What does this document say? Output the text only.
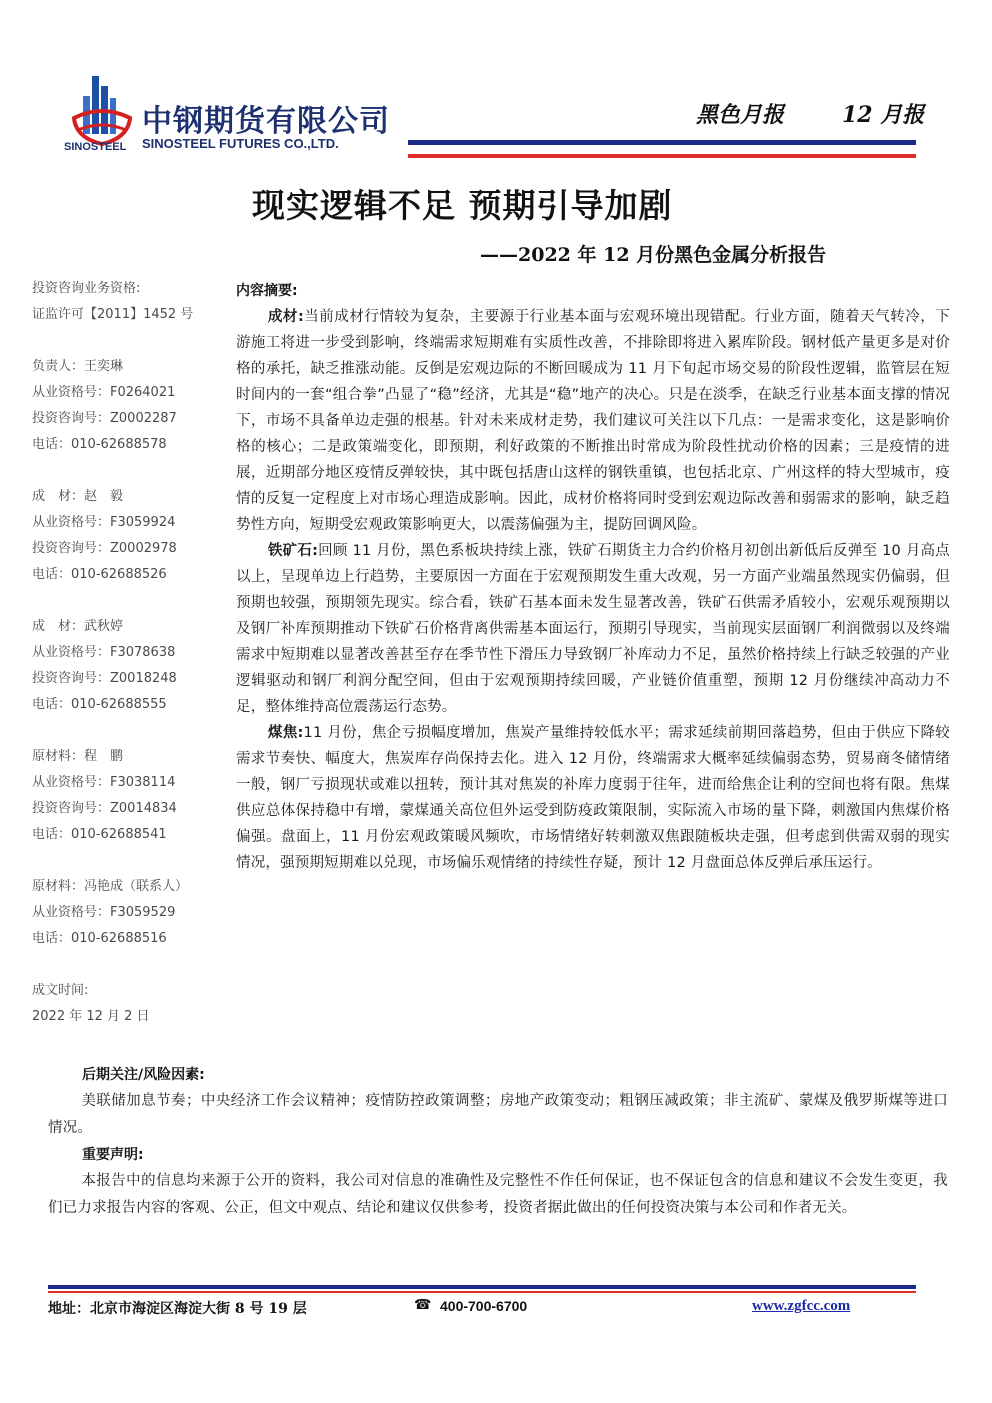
SINOSTEEL
中钢期货有限公司
SINOSTEEL FUTURES CO.,LTD.
黑色月报	12 月报
现实逻辑不足 预期引导加剧
——2022 年 12 月份黑色金属分析报告
投资咨询业务资格:
证监许可【2011】1452 号
负责人：王奕琳
从业资格号：F0264021
投资咨询号：Z0002287
电话：010-62688578
成　材：赵　毅
从业资格号：F3059924
投资咨询号：Z0002978
电话：010-62688526
成　材：武秋婷
从业资格号：F3078638
投资咨询号：Z0018248
电话：010-62688555
原材料：程　鹏
从业资格号：F3038114
投资咨询号：Z0014834
电话：010-62688541
原材料：冯艳成（联系人）
从业资格号：F3059529
电话：010-62688516
成文时间:
2022 年 12 月 2 日
内容摘要:

成材:当前成材行情较为复杂，主要源于行业基本面与宏观环境出现错配。行业方面，随着天气转冷，下游施工将进一步受到影响，终端需求短期难有实质性改善，不排除即将进入累库阶段。钢材低产量更多是对价格的承托，缺乏推涨动能。反倒是宏观边际的不断回暖成为 11 月下旬起市场交易的阶段性逻辑，监管层在短时间内的一套“组合拳”凸显了“稳”经济，尤其是“稳”地产的决心。只是在淡季，在缺乏行业基本面支撑的情况下，市场不具备单边走强的根基。针对未来成材走势，我们建议可关注以下几点：一是需求变化，这是影响价格的核心；二是政策端变化，即预期，利好政策的不断推出时常成为阶段性扰动价格的因素；三是疫情的进展，近期部分地区疫情反弹较快，其中既包括唐山这样的钢铁重镇，也包括北京、广州这样的特大型城市，疫情的反复一定程度上对市场心理造成影响。因此，成材价格将同时受到宏观边际改善和弱需求的影响，缺乏趋势性方向，短期受宏观政策影响更大，以震荡偏强为主，提防回调风险。

铁矿石:回顾 11 月份，黑色系板块持续上涨，铁矿石期货主力合约价格月初创出新低后反弹至 10 月高点以上，呈现单边上行趋势，主要原因一方面在于宏观预期发生重大改观，另一方面产业端虽然现实仍偏弱，但预期也较强，预期领先现实。综合看，铁矿石基本面未发生显著改善，铁矿石供需矛盾较小，宏观乐观预期以及钢厂补库预期推动下铁矿石价格背离供需基本面运行，预期引导现实，当前现实层面钢厂利润微弱以及终端需求中短期难以显著改善甚至存在季节性下滑压力导致钢厂补库动力不足，虽然价格持续上行缺乏较强的产业逻辑驱动和钢厂利润分配空间，但由于宏观预期持续回暖，产业链价值重塑，预期 12 月份继续冲高动力不足，整体维持高位震荡运行态势。

煤焦:11 月份，焦企亏损幅度增加，焦炭产量维持较低水平；需求延续前期回落趋势，但由于供应下降较需求节奏快、幅度大，焦炭库存尚保持去化。进入 12 月份，终端需求大概率延续偏弱态势，贸易商冬储情绪一般，钢厂亏损现状或难以扭转，预计其对焦炭的补库力度弱于往年，进而给焦企让利的空间也将有限。焦煤供应总体保持稳中有增，蒙煤通关高位但外运受到防疫政策限制，实际流入市场的量下降，刺激国内焦煤价格偏强。盘面上，11 月份宏观政策暖风频吹，市场情绪好转刺激双焦跟随板块走强，但考虑到供需双弱的现实情况，强预期短期难以兑现，市场偏乐观情绪的持续性存疑，预计 12 月盘面总体反弹后承压运行。

后期关注/风险因素:

美联储加息节奏；中央经济工作会议精神；疫情防控政策调整；房地产政策变动；粗钢压减政策；非主流矿、蒙煤及俄罗斯煤等进口情况。

重要声明:

本报告中的信息均来源于公开的资料，我公司对信息的准确性及完整性不作任何保证，也不保证包含的信息和建议不会发生变更，我们已力求报告内容的客观、公正，但文中观点、结论和建议仅供参考，投资者据此做出的任何投资决策与本公司和作者无关。

地址：北京市海淀区海淀大街 8 号 19 层	☎ 400-700-6700	www.zgfcc.com
